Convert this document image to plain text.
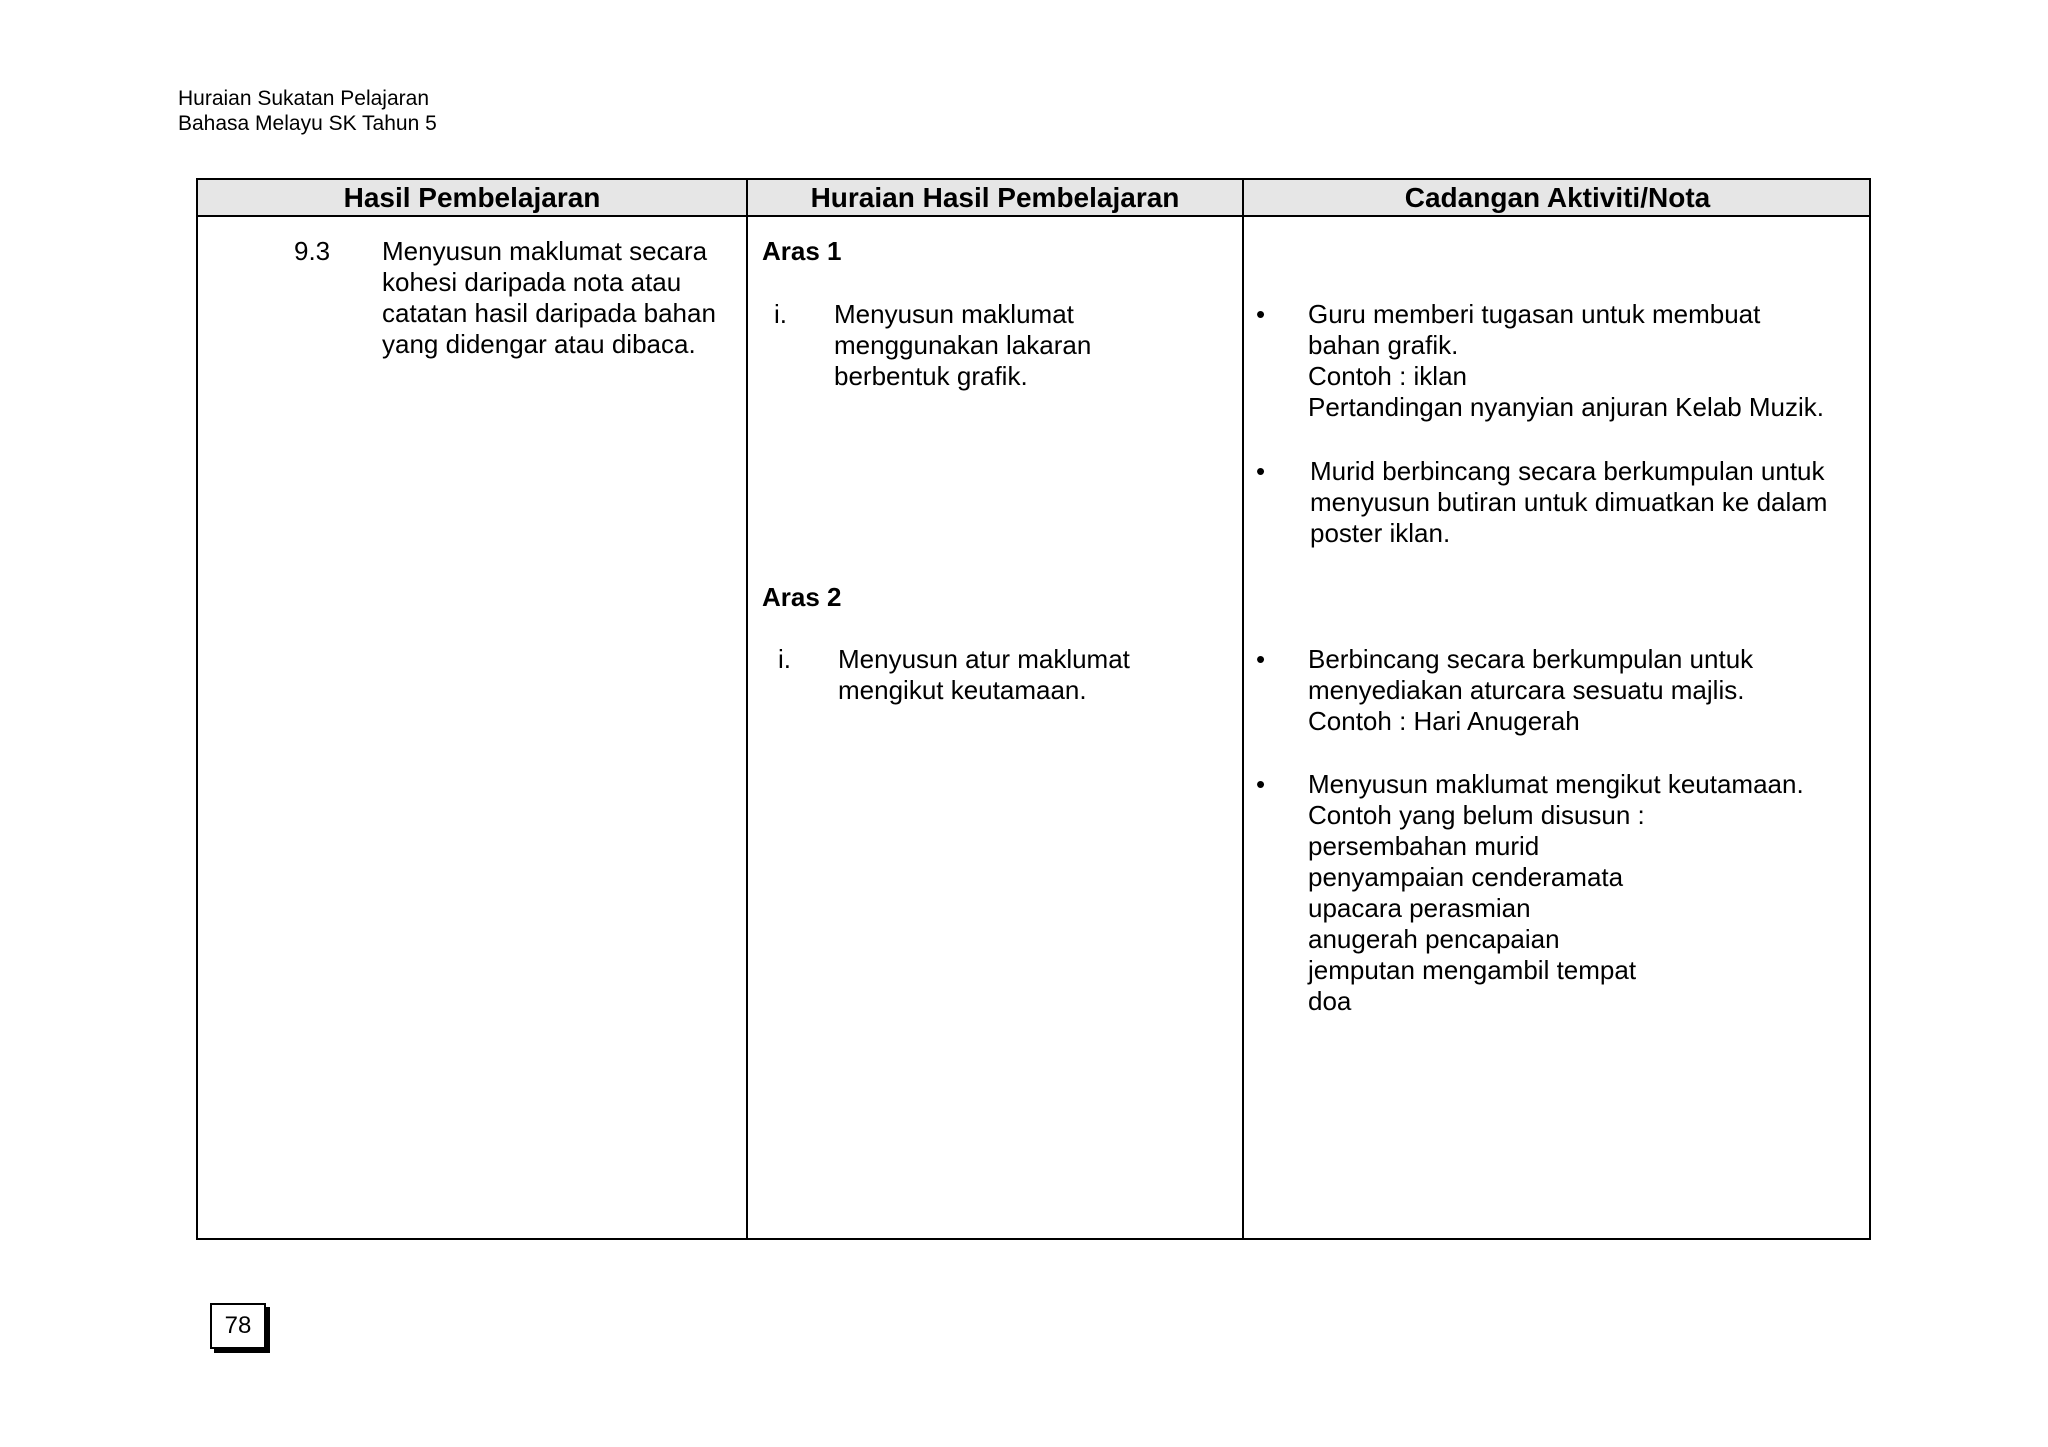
Huraian Sukatan Pelajaran
Bahasa Melayu SK Tahun 5
Hasil Pembelajaran	Huraian Hasil Pembelajaran	Cadangan Aktiviti/Nota
9.3 Menyusun maklumat secara
kohesi daripada nota atau
catatan hasil daripada bahan
yang didengar atau dibaca.
Aras 1
i. Menyusun maklumat
menggunakan lakaran
berbentuk grafik.
Aras 2
i. Menyusun atur maklumat
mengikut keutamaan.
• Guru memberi tugasan untuk membuat
bahan grafik.
Contoh : iklan
Pertandingan nyanyian anjuran Kelab Muzik.
• Murid berbincang secara berkumpulan untuk
menyusun butiran untuk dimuatkan ke dalam
poster iklan.
• Berbincang secara berkumpulan untuk
menyediakan aturcara sesuatu majlis.
Contoh : Hari Anugerah
• Menyusun maklumat mengikut keutamaan.
Contoh yang belum disusun :
persembahan murid
penyampaian cenderamata
upacara perasmian
anugerah pencapaian
jemputan mengambil tempat
doa
78
